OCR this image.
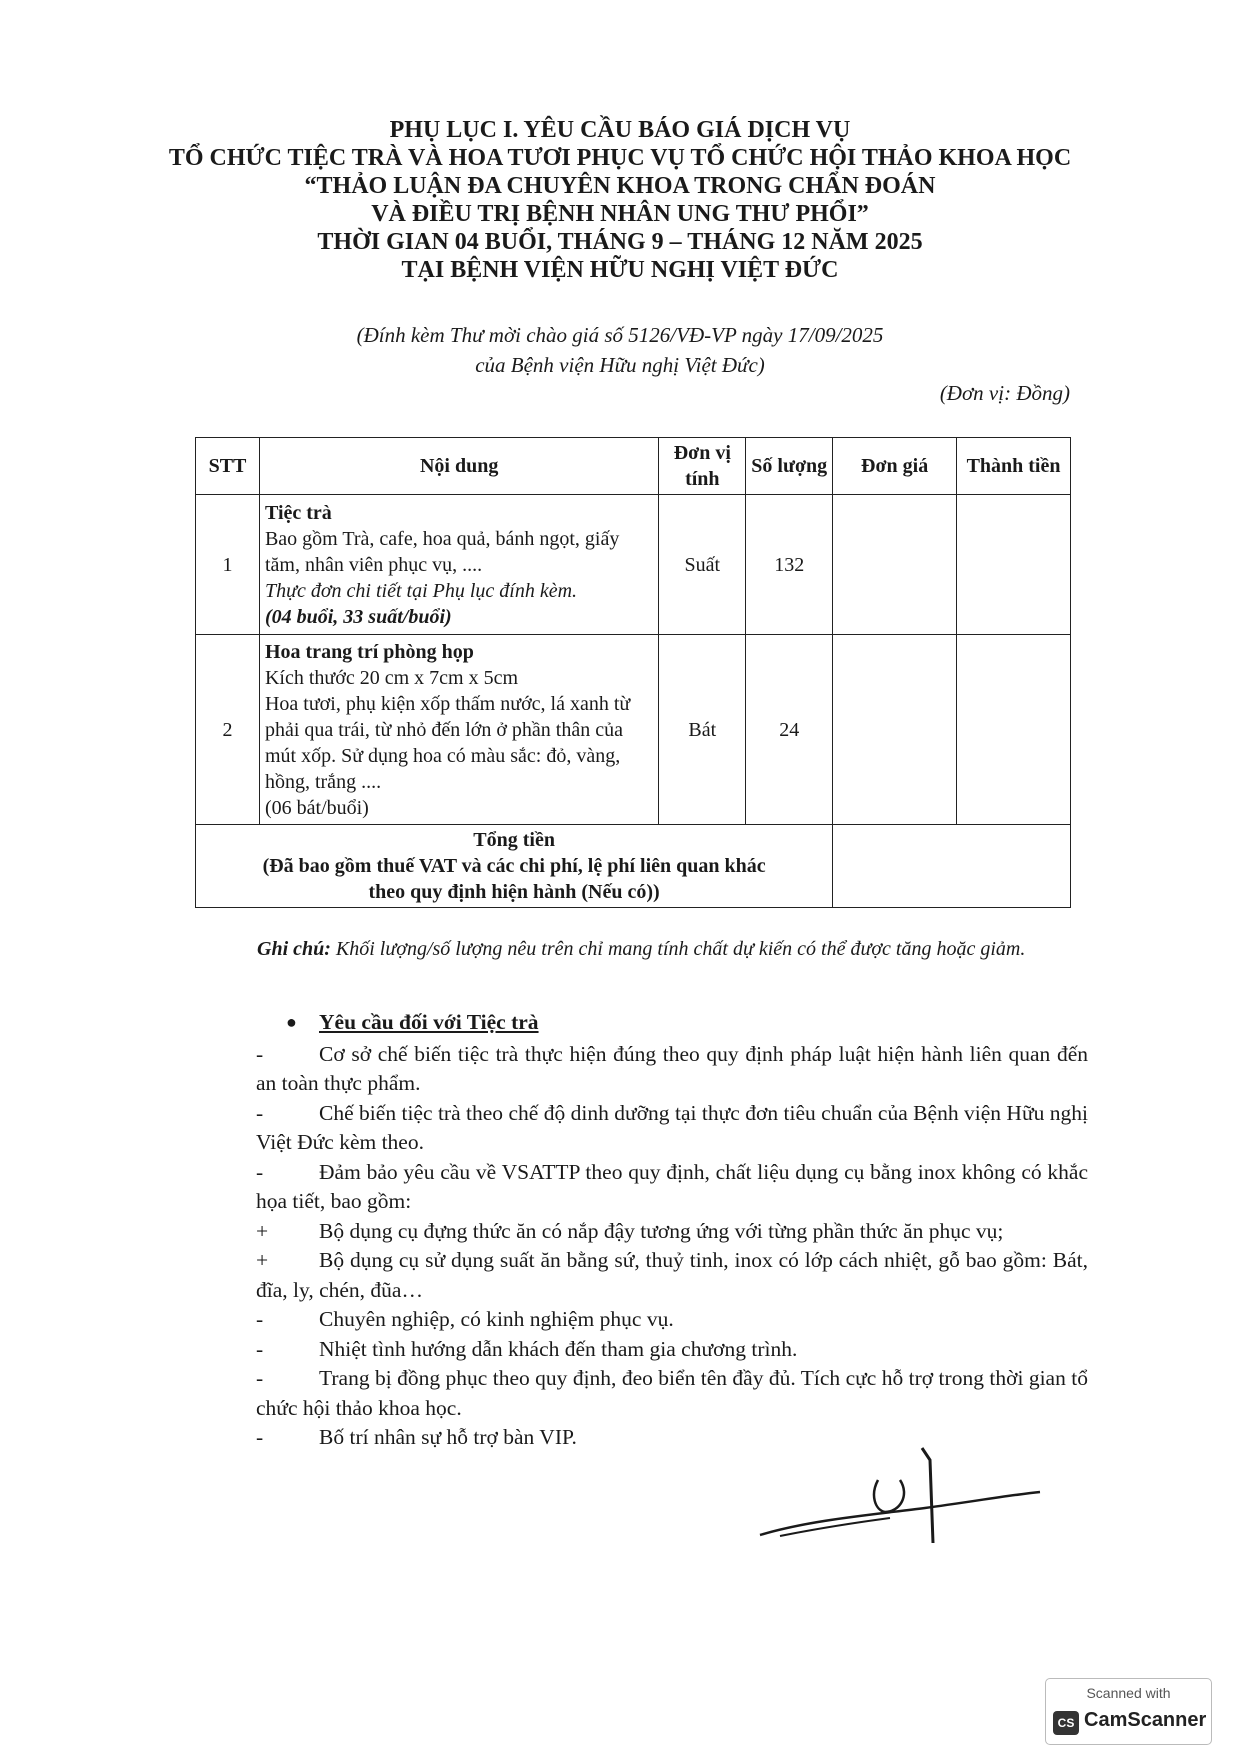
PHỤ LỤC I. YÊU CẦU BÁO GIÁ DỊCH VỤ
TỔ CHỨC TIỆC TRÀ VÀ HOA TƯƠI PHỤC VỤ TỔ CHỨC HỘI THẢO KHOA HỌC
“THẢO LUẬN ĐA CHUYÊN KHOA TRONG CHẨN ĐOÁN
VÀ ĐIỀU TRỊ BỆNH NHÂN UNG THƯ PHỔI”
THỜI GIAN 04 BUỔI, THÁNG 9 – THÁNG 12 NĂM 2025
TẠI BỆNH VIỆN HỮU NGHỊ VIỆT ĐỨC
(Đính kèm Thư mời chào giá số 5126/VĐ-VP ngày 17/09/2025
của Bệnh viện Hữu nghị Việt Đức)
(Đơn vị: Đồng)
STT	Nội dung	Đơn vị tính	Số lượng	Đơn giá	Thành tiền
1	Tiệc trà
Bao gồm Trà, cafe, hoa quả, bánh ngọt, giấy tăm, nhân viên phục vụ, ....
Thực đơn chi tiết tại Phụ lục đính kèm.
(04 buổi, 33 suất/buổi)	Suất	132		
2	Hoa trang trí phòng họp
Kích thước 20 cm x 7cm x 5cm
Hoa tươi, phụ kiện xốp thấm nước, lá xanh từ phải qua trái, từ nhỏ đến lớn ở phần thân của mút xốp. Sử dụng hoa có màu sắc: đỏ, vàng, hồng, trắng ....
(06 bát/buổi)	Bát	24		

Tổng tiền
(Đã bao gồm thuế VAT và các chi phí, lệ phí liên quan khác
theo quy định hiện hành (Nếu có))					

Ghi chú: Khối lượng/số lượng nêu trên chỉ mang tính chất dự kiến có thể được tăng hoặc giảm.
● Yêu cầu đối với Tiệc trà
-	Cơ sở chế biến tiệc trà thực hiện đúng theo quy định pháp luật hiện hành liên quan đến an toàn thực phẩm.
-	Chế biến tiệc trà theo chế độ dinh dưỡng tại thực đơn tiêu chuẩn của Bệnh viện Hữu nghị Việt Đức kèm theo.
-	Đảm bảo yêu cầu về VSATTP theo quy định, chất liệu dụng cụ bằng inox không có khắc họa tiết, bao gồm:
+	Bộ dụng cụ đựng thức ăn có nắp đậy tương ứng với từng phần thức ăn phục vụ;
+	Bộ dụng cụ sử dụng suất ăn bằng sứ, thuỷ tinh, inox có lớp cách nhiệt, gỗ bao gồm: Bát, đĩa, ly, chén, đũa…
-	Chuyên nghiệp, có kinh nghiệm phục vụ.
-	Nhiệt tình hướng dẫn khách đến tham gia chương trình.
-	Trang bị đồng phục theo quy định, đeo biển tên đầy đủ. Tích cực hỗ trợ trong thời gian tổ chức hội thảo khoa học.
-	Bố trí nhân sự hỗ trợ bàn VIP.
Scanned with
CS CamScanner
